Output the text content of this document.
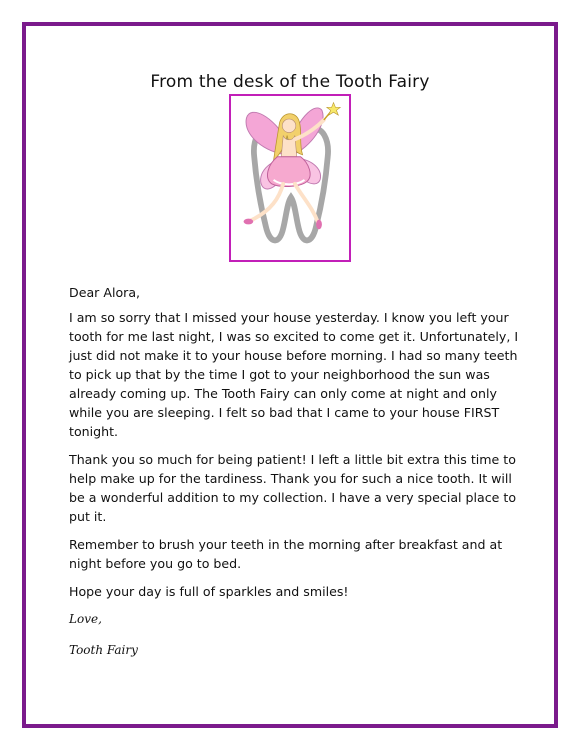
From the desk of the Tooth Fairy

Dear Alora,

I am so sorry that I missed your house yesterday. I know you left your tooth for me last night, I was so excited to come get it. Unfortunately, I just did not make it to your house before morning. I had so many teeth to pick up that by the time I got to your neighborhood the sun was already coming up. The Tooth Fairy can only come at night and only while you are sleeping. I felt so bad that I came to your house FIRST tonight.

Thank you so much for being patient! I left a little bit extra this time to help make up for the tardiness. Thank you for such a nice tooth. It will be a wonderful addition to my collection. I have a very special place to put it.

Remember to brush your teeth in the morning after breakfast and at night before you go to bed.

Hope your day is full of sparkles and smiles!

Love,

Tooth Fairy
